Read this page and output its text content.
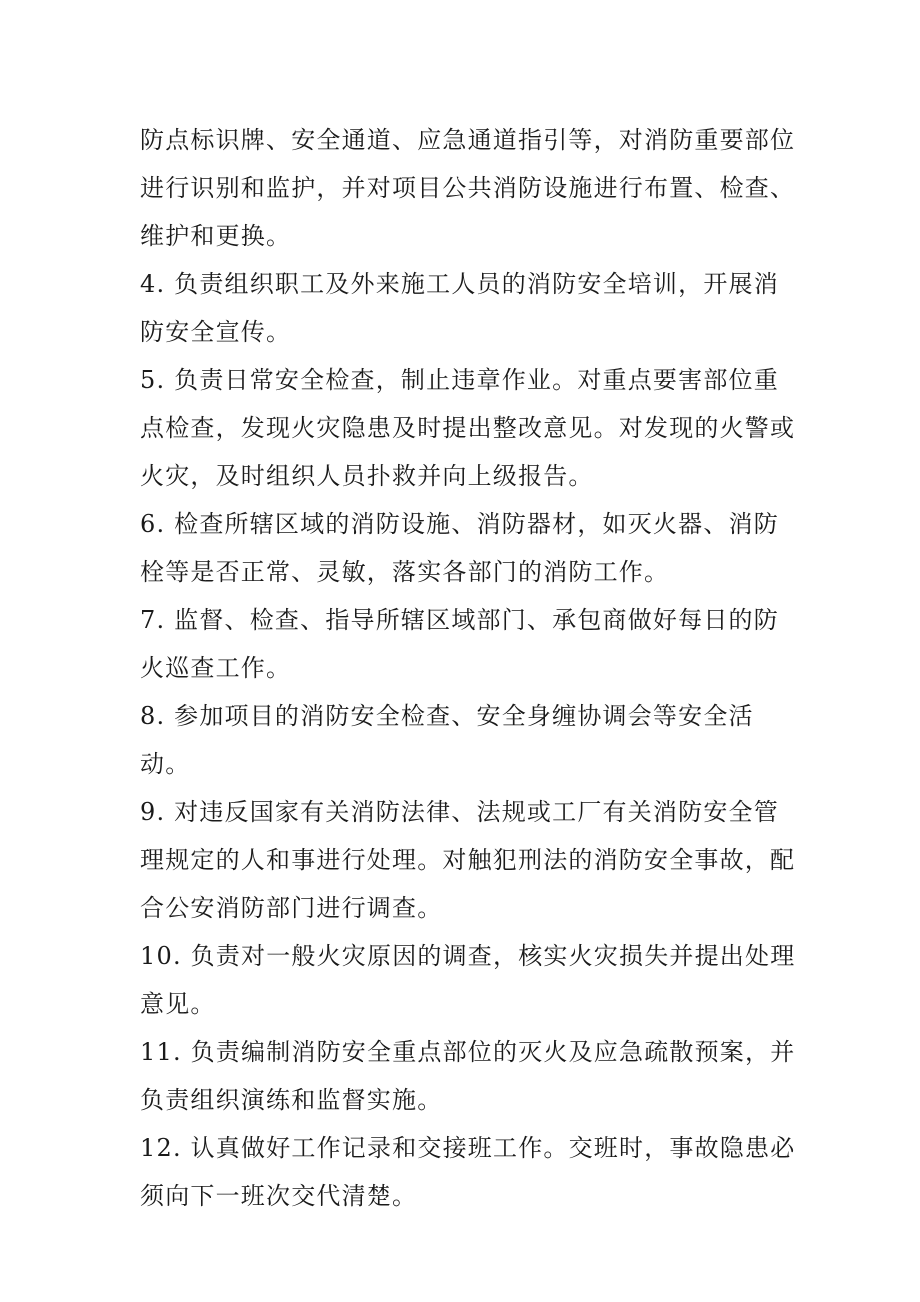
防点标识牌、安全通道、应急通道指引等，对消防重要部位进行识别和监护，并对项目公共消防设施进行布置、检查、维护和更换。

4. 负责组织职工及外来施工人员的消防安全培训，开展消防安全宣传。

5. 负责日常安全检查，制止违章作业。对重点要害部位重点检查，发现火灾隐患及时提出整改意见。对发现的火警或火灾，及时组织人员扑救并向上级报告。

6. 检查所辖区域的消防设施、消防器材，如灭火器、消防栓等是否正常、灵敏，落实各部门的消防工作。

7. 监督、检查、指导所辖区域部门、承包商做好每日的防火巡查工作。

8. 参加项目的消防安全检查、安全身缠协调会等安全活动。

9. 对违反国家有关消防法律、法规或工厂有关消防安全管理规定的人和事进行处理。对触犯刑法的消防安全事故，配合公安消防部门进行调查。

10. 负责对一般火灾原因的调查，核实火灾损失并提出处理意见。

11. 负责编制消防安全重点部位的灭火及应急疏散预案，并负责组织演练和监督实施。

12. 认真做好工作记录和交接班工作。交班时，事故隐患必须向下一班次交代清楚。
